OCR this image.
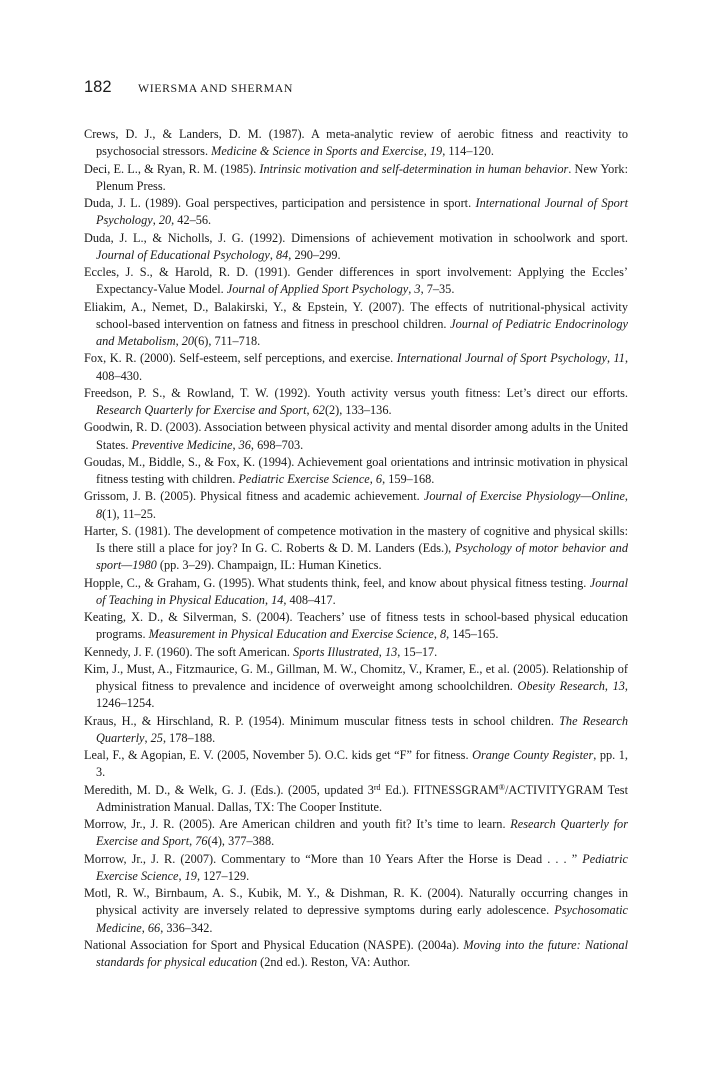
182	WIERSMA AND SHERMAN

Crews, D. J., & Landers, D. M. (1987). A meta-analytic review of aerobic fitness and reactivity to psychosocial stressors. Medicine & Science in Sports and Exercise, 19, 114–120.

Deci, E. L., & Ryan, R. M. (1985). Intrinsic motivation and self-determination in human behavior. New York: Plenum Press.

Duda, J. L. (1989). Goal perspectives, participation and persistence in sport. International Journal of Sport Psychology, 20, 42–56.

Duda, J. L., & Nicholls, J. G. (1992). Dimensions of achievement motivation in schoolwork and sport. Journal of Educational Psychology, 84, 290–299.

Eccles, J. S., & Harold, R. D. (1991). Gender differences in sport involvement: Applying the Eccles’ Expectancy-Value Model. Journal of Applied Sport Psychology, 3, 7–35.

Eliakim, A., Nemet, D., Balakirski, Y., & Epstein, Y. (2007). The effects of nutritional-physical activity school-based intervention on fatness and fitness in preschool children. Journal of Pediatric Endocrinology and Metabolism, 20(6), 711–718.

Fox, K. R. (2000). Self-esteem, self perceptions, and exercise. International Journal of Sport Psychology, 11, 408–430.

Freedson, P. S., & Rowland, T. W. (1992). Youth activity versus youth fitness: Let’s direct our efforts. Research Quarterly for Exercise and Sport, 62(2), 133–136.

Goodwin, R. D. (2003). Association between physical activity and mental disorder among adults in the United States. Preventive Medicine, 36, 698–703.

Goudas, M., Biddle, S., & Fox, K. (1994). Achievement goal orientations and intrinsic motivation in physical fitness testing with children. Pediatric Exercise Science, 6, 159–168.

Grissom, J. B. (2005). Physical fitness and academic achievement. Journal of Exercise Physiology—Online, 8(1), 11–25.

Harter, S. (1981). The development of competence motivation in the mastery of cognitive and physical skills: Is there still a place for joy? In G. C. Roberts & D. M. Landers (Eds.), Psychology of motor behavior and sport—1980 (pp. 3–29). Champaign, IL: Human Kinetics.

Hopple, C., & Graham, G. (1995). What students think, feel, and know about physical fitness testing. Journal of Teaching in Physical Education, 14, 408–417.

Keating, X. D., & Silverman, S. (2004). Teachers’ use of fitness tests in school-based physical education programs. Measurement in Physical Education and Exercise Science, 8, 145–165.

Kennedy, J. F. (1960). The soft American. Sports Illustrated, 13, 15–17.

Kim, J., Must, A., Fitzmaurice, G. M., Gillman, M. W., Chomitz, V., Kramer, E., et al. (2005). Relationship of physical fitness to prevalence and incidence of overweight among schoolchildren. Obesity Research, 13, 1246–1254.

Kraus, H., & Hirschland, R. P. (1954). Minimum muscular fitness tests in school children. The Research Quarterly, 25, 178–188.

Leal, F., & Agopian, E. V. (2005, November 5). O.C. kids get “F” for fitness. Orange County Register, pp. 1, 3.

Meredith, M. D., & Welk, G. J. (Eds.). (2005, updated 3rd Ed.). FITNESSGRAM®/ACTIVITYGRAM Test Administration Manual. Dallas, TX: The Cooper Institute.

Morrow, Jr., J. R. (2005). Are American children and youth fit? It’s time to learn. Research Quarterly for Exercise and Sport, 76(4), 377–388.

Morrow, Jr., J. R. (2007). Commentary to “More than 10 Years After the Horse is Dead . . . ” Pediatric Exercise Science, 19, 127–129.

Motl, R. W., Birnbaum, A. S., Kubik, M. Y., & Dishman, R. K. (2004). Naturally occurring changes in physical activity are inversely related to depressive symptoms during early adolescence. Psychosomatic Medicine, 66, 336–342.

National Association for Sport and Physical Education (NASPE). (2004a). Moving into the future: National standards for physical education (2nd ed.). Reston, VA: Author.
